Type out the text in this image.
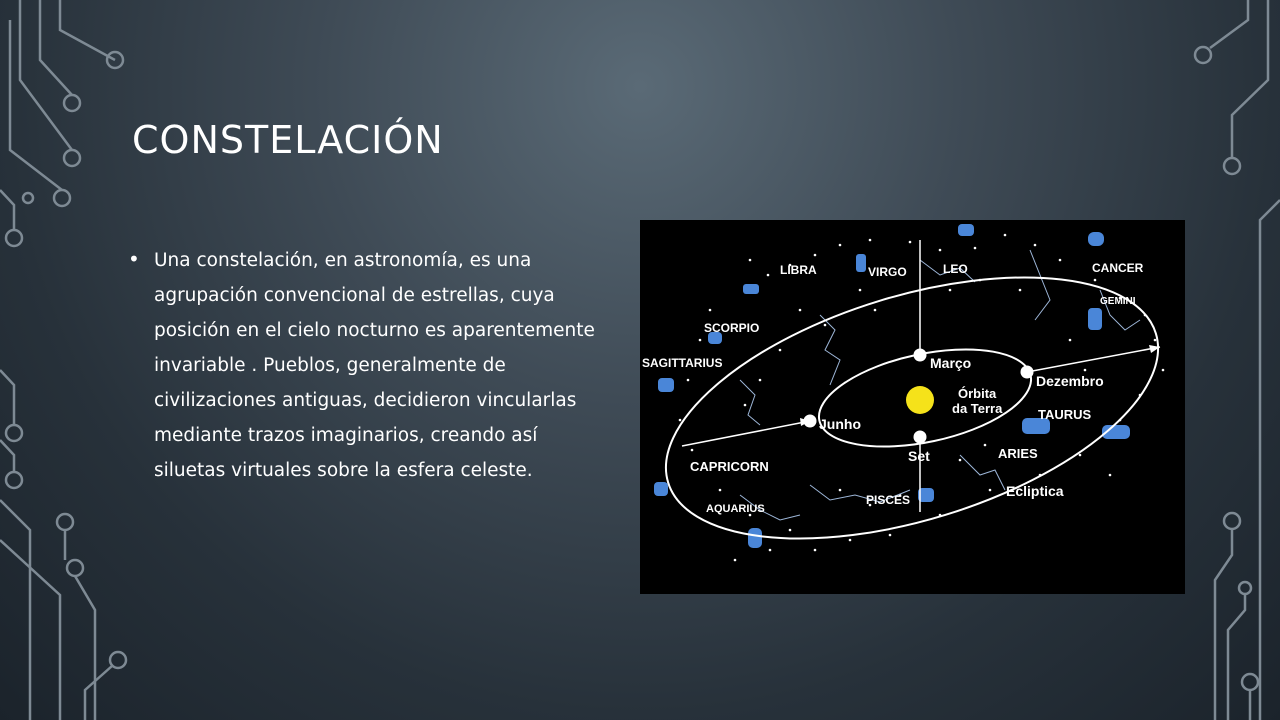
CONSTELACIÓN
• Una constelación, en astronomía, es una agrupación convencional de estrellas, cuya posición en el cielo nocturno es aparentemente invariable . Pueblos, generalmente de civilizaciones antiguas, decidieron vincularlas mediante trazos imaginarios, creando así siluetas virtuales sobre la esfera celeste.
LIBRA	VIRGO	LEO	CANCER
GEMINI
SCORPIO
SAGITTARIUS
CAPRICORN
AQUARIUS
PISCES
ARIES
TAURUS
Março
Dezembro
Junho
Set
Órbita
da Terra
Ecliptica
